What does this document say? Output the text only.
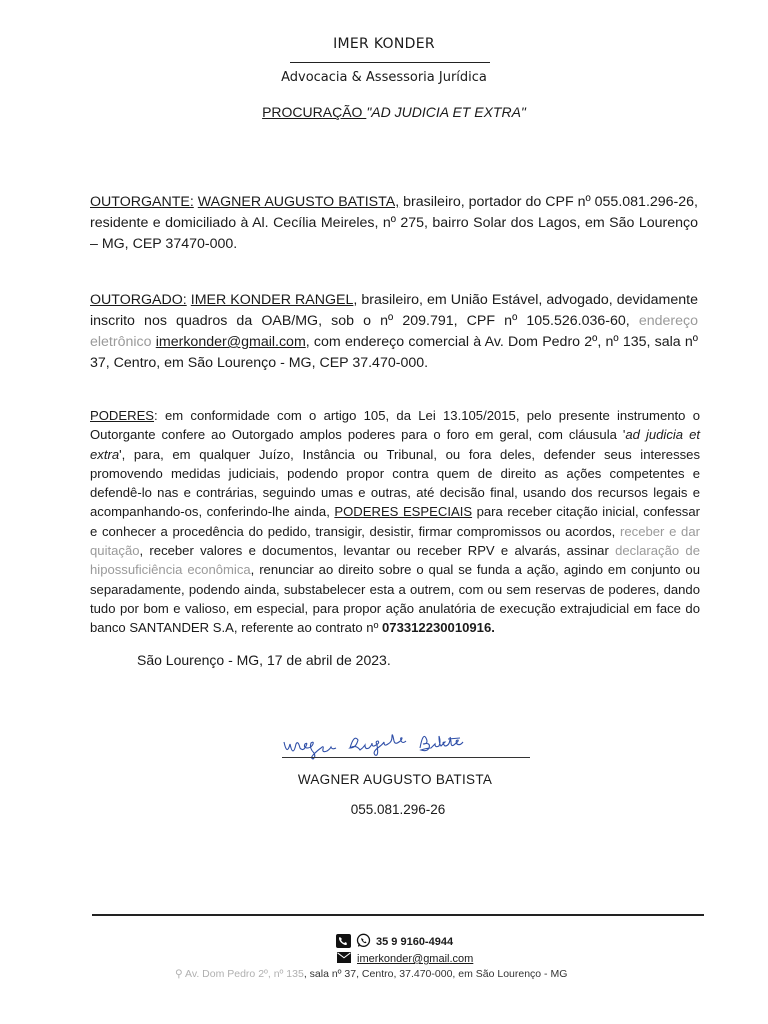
IMER KONDER
Advocacia & Assessoria Jurídica
PROCURAÇÃO "AD JUDICIA ET EXTRA"
OUTORGANTE: WAGNER AUGUSTO BATISTA, brasileiro, portador do CPF nº 055.081.296-26, residente e domiciliado à Al. Cecília Meireles, nº 275, bairro Solar dos Lagos, em São Lourenço – MG, CEP 37470-000.
OUTORGADO: IMER KONDER RANGEL, brasileiro, em União Estável, advogado, devidamente inscrito nos quadros da OAB/MG, sob o nº 209.791, CPF nº 105.526.036-60, endereço eletrônico imerkonder@gmail.com, com endereço comercial à Av. Dom Pedro 2º, nº 135, sala nº 37, Centro, em São Lourenço - MG, CEP 37.470-000.
PODERES: em conformidade com o artigo 105, da Lei 13.105/2015, pelo presente instrumento o Outorgante confere ao Outorgado amplos poderes para o foro em geral, com cláusula 'ad judicia et extra', para, em qualquer Juízo, Instância ou Tribunal, ou fora deles, defender seus interesses promovendo medidas judiciais, podendo propor contra quem de direito as ações competentes e defendê-lo nas e contrárias, seguindo umas e outras, até decisão final, usando dos recursos legais e acompanhando-os, conferindo-lhe ainda, PODERES ESPECIAIS para receber citação inicial, confessar e conhecer a procedência do pedido, transigir, desistir, firmar compromissos ou acordos, receber e dar quitação, receber valores e documentos, levantar ou receber RPV e alvarás, assinar declaração de hipossuficiência econômica, renunciar ao direito sobre o qual se funda a ação, agindo em conjunto ou separadamente, podendo ainda, substabelecer esta a outrem, com ou sem reservas de poderes, dando tudo por bom e valioso, em especial, para propor ação anulatória de execução extrajudicial em face do banco SANTANDER S.A, referente ao contrato nº 073312230010916.
São Lourenço - MG, 17 de abril de 2023.
WAGNER AUGUSTO BATISTA
055.081.296-26
35 9 9160-4944
imerkonder@gmail.com
⚲ Av. Dom Pedro 2º, nº 135, sala nº 37, Centro, 37.470-000, em São Lourenço - MG
